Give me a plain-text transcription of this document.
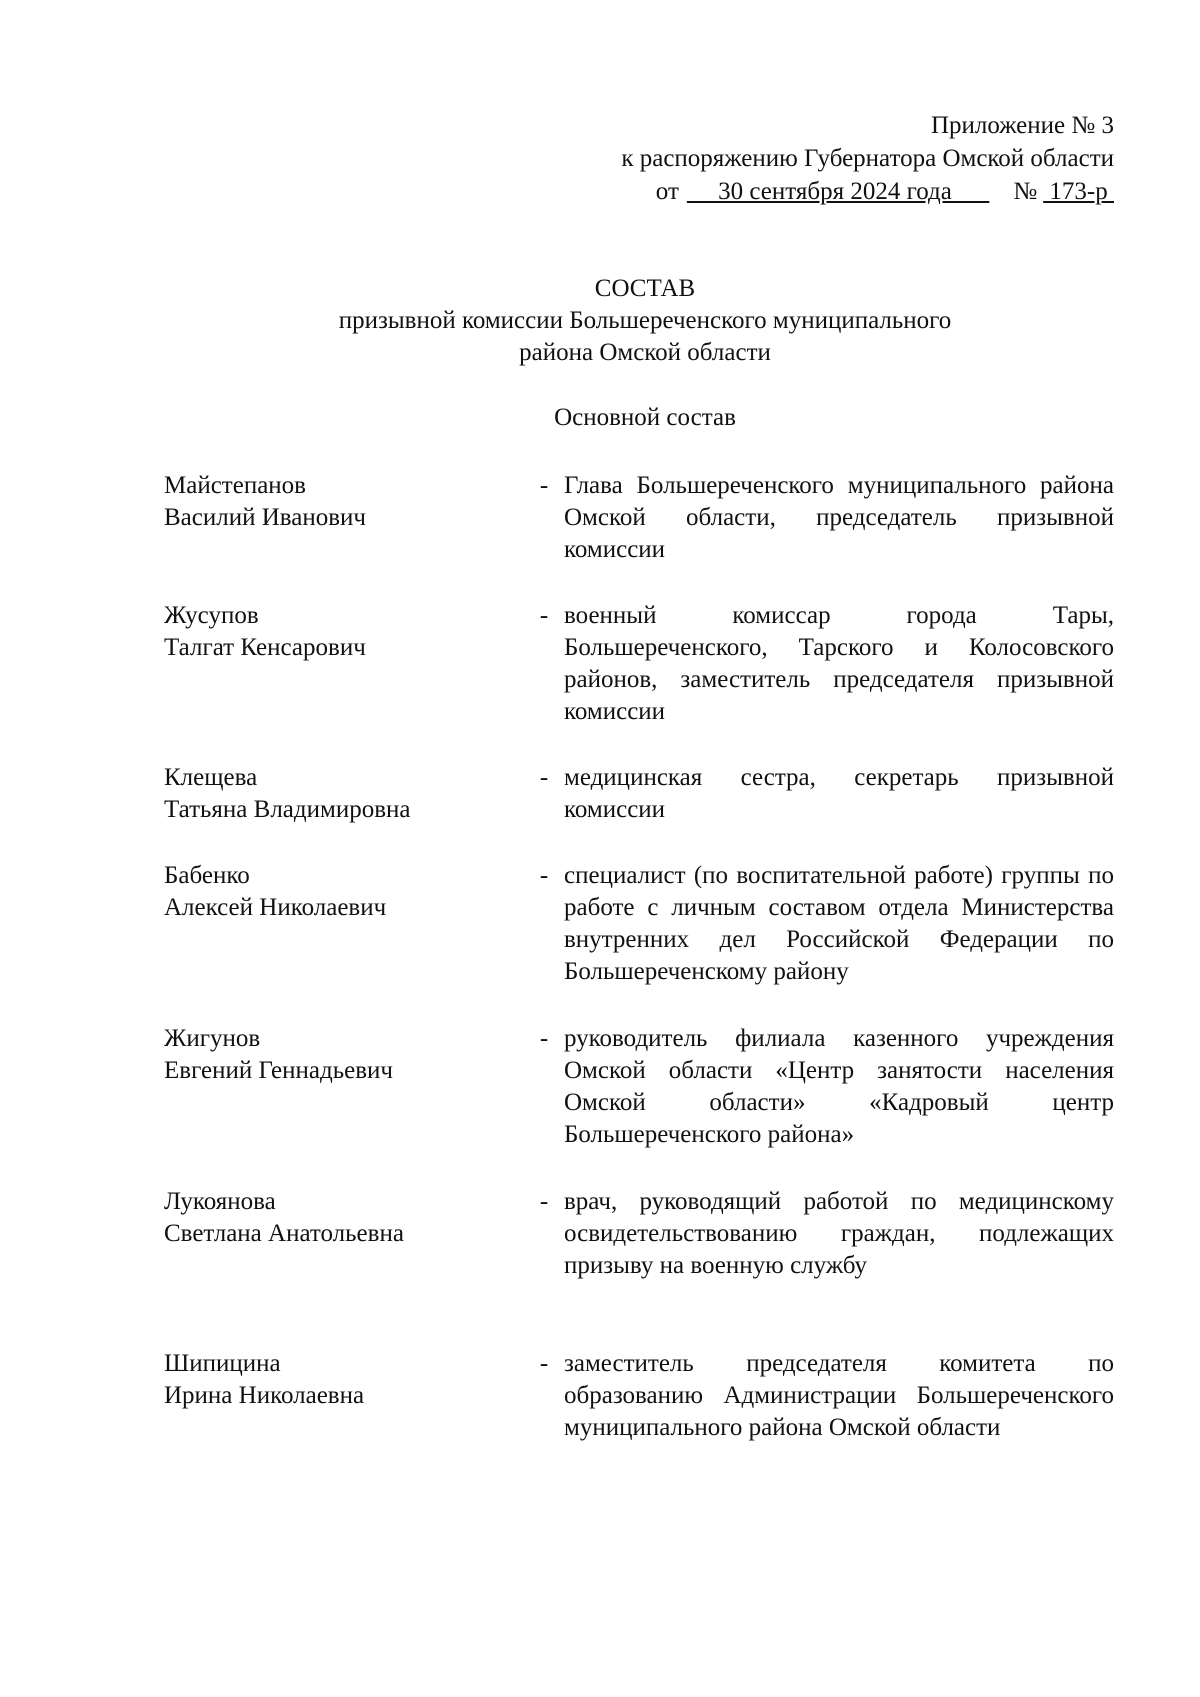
Приложение № 3
к распоряжению Губернатора Омской области
от 30 сентября 2024 года № 173-р
СОСТАВ
призывной комиссии Большереченского муниципального
района Омской области
Основной состав
Майстепанов
Василий Иванович
- Глава Большереченского муниципального района Омской области, председатель призывной комиссии
Жусупов
Талгат Кенсарович
- военный комиссар города Тары, Большереченского, Тарского и Колосовского районов, заместитель председателя призывной комиссии
Клещева
Татьяна Владимировна
- медицинская сестра, секретарь призывной комиссии
Бабенко
Алексей Николаевич
- специалист (по воспитательной работе) группы по работе с личным составом отдела Министерства внутренних дел Российской Федерации по Большереченскому району
Жигунов
Евгений Геннадьевич
- руководитель филиала казенного учреждения Омской области «Центр занятости населения Омской области» «Кадровый центр Большереченского района»
Лукоянова
Светлана Анатольевна
- врач, руководящий работой по медицинскому освидетельствованию граждан, подлежащих призыву на военную службу
Шипицина
Ирина Николаевна
- заместитель председателя комитета по образованию Администрации Большереченского муниципального района Омской области
